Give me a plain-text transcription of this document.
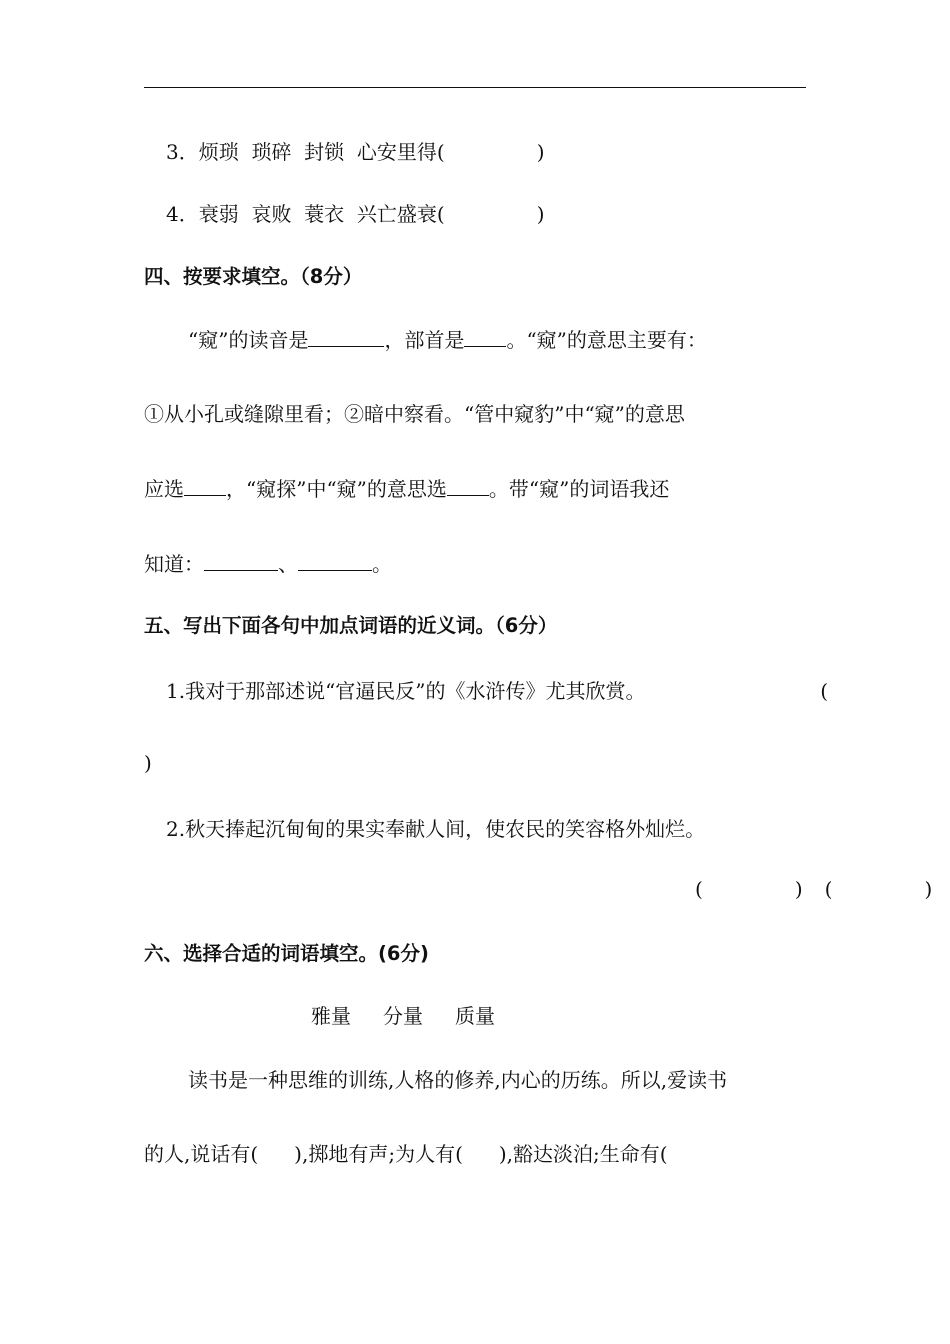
3．烦琐  琐碎  封锁  心安里得(	)
4．衰弱  哀败  蓑衣  兴亡盛衰(	)
四、按要求填空。（8分）
“窥”的读音是	，部首是 。“窥”的意思主要有：
①从小孔或缝隙里看；②暗中察看。“管中窥豹”中“窥”的意思
应选 ，“窥探”中“窥”的意思选 。带“窥”的词语我还
知道：	、	。
五、写出下面各句中加点词语的近义词。（6分）
1.我对于那部述说“官逼民反”的《水浒传》尤其欣赏。	(
)
2.秋天捧起沉甸甸的果实奉献人间，使农民的笑容格外灿烂。
(	) (	)
六、选择合适的词语填空。(6分)
雅量 分量 质量
读书是一种思维的训练,人格的修养,内心的历练。所以,爱读书
的人,说话有( ),掷地有声;为人有( ),豁达淡泊;生命有(
